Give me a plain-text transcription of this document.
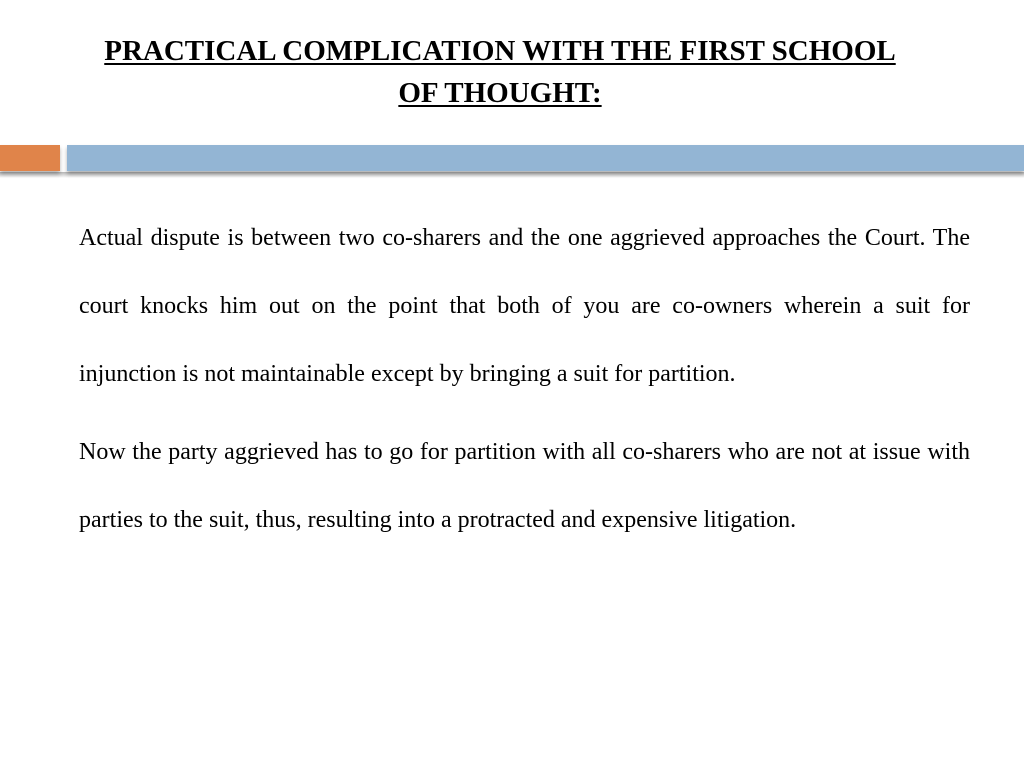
PRACTICAL COMPLICATION WITH THE FIRST SCHOOL
OF THOUGHT:

Actual dispute is between two co-sharers and the one aggrieved approaches the Court. The court knocks him out on the point that both of you are co-owners wherein a suit for injunction is not maintainable except by bringing a suit for partition.

Now the party aggrieved has to go for partition with all co-sharers who are not at issue with parties to the suit, thus, resulting into a protracted and expensive litigation.
